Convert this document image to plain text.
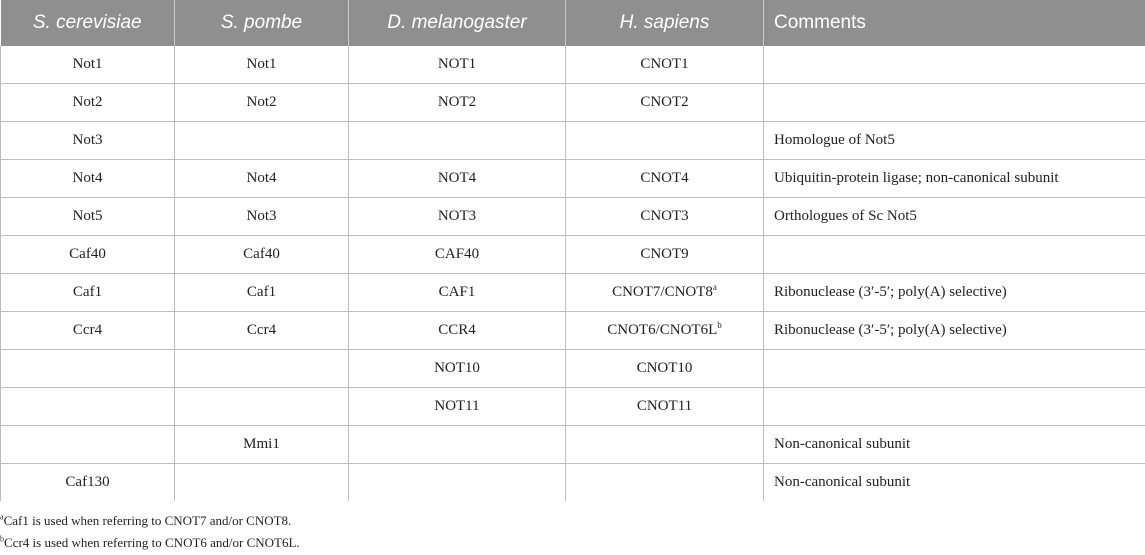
S. cerevisiae	S. pombe	D. melanogaster	H. sapiens	Comments
Not1	Not1	NOT1	CNOT1	
Not2	Not2	NOT2	CNOT2	
Not3				Homologue of Not5
Not4	Not4	NOT4	CNOT4	Ubiquitin-protein ligase; non-canonical subunit
Not5	Not3	NOT3	CNOT3	Orthologues of Sc Not5
Caf40	Caf40	CAF40	CNOT9	
Caf1	Caf1	CAF1	CNOT7/CNOT8$^a$	Ribonuclease (3′-5′; poly(A) selective)
Ccr4	Ccr4	CCR4	$CNOT6/CNOT6L^b$	Ribonuclease (3′-5′; poly(A) selective)
		NOT10	CNOT10	
		NOT11	CNOT11	
	Mmi1			Non-canonical subunit
Caf130				Non-canonical subunit
$^a$Caf1 is used when referring to CNOT7 and/or CNOT8.
$^b$Ccr4 is used when referring to CNOT6 and/or CNOT6L.
